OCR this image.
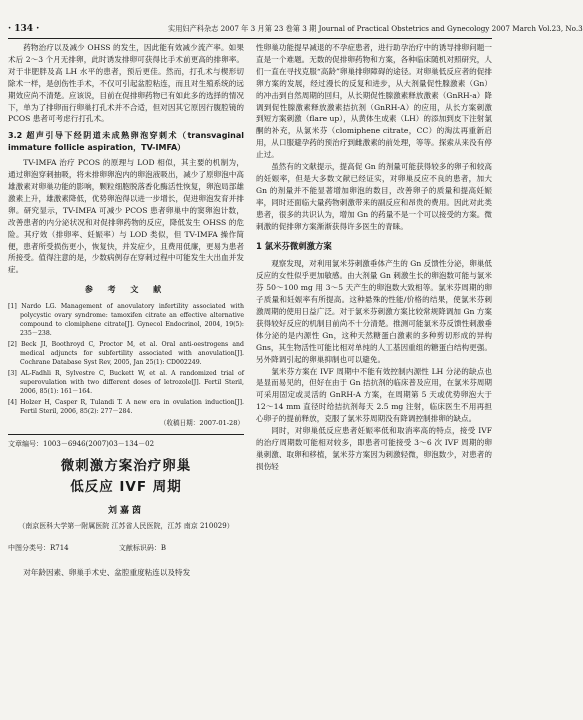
· 134 ·	实用妇产科杂志 2007 年 3 月第 23 卷第 3 期 Journal of Practical Obstetrics and Gynecology 2007 March Vol.23, No.3

药物治疗以及减少 OHSS 的发生，因此能有效减少流产率。如果术后 2～3 个月无排卵，此时诱发排卵可获得比手术前更高的排卵率。对于非肥胖及高 LH 水平的患者，预后更佳。然而，打孔术与楔形切除术一样，是创伤性手术，不仅可引起盆腔粘连，而且对生殖系统的远期效应尚不清楚。应该说，目前在促排卵药物已有如此多的选择的情况下，单为了排卵而行卵巢打孔术并不合适，但对因其它原因行腹腔镜的 PCOS 患者可考虑行打孔术。

3.2 超声引导下经阴道未成熟卵泡穿刺术（transvaginal immature follicle aspiration，TV-IMFA）

TV-IMFA 治疗 PCOS 的原理与 LOD 相似，其主要的机制为，通过卵泡穿刺抽吸，将未排卵卵泡内的卵泡液吸出，减少了原卵泡中高雄激素对卵巢功能的影响，颗粒细胞脱落香化酶活性恢复，卵泡局部雄激素上升，雄激素降低，优势卵泡得以进一步增长，促进卵泡发育并排卵。研究显示，TV-IMFA 可减少 PCOS 患者卵巢中的窦卵泡计数，改善患者的内分泌状况和对促排卵药物的反应，降低发生 OHSS 的危险。其疗效（排卵率、妊娠率）与 LOD 类似，但 TV-IMFA 操作简便，患者所受损伤更小，恢复快，并发症少，且费用低廉，更易为患者所接受。值得注意的是，少数病例存在穿刺过程中可能发生大出血并发症。

参 考 文 献
[1] Nardo LG. Management of anovulatory infertility associated with polycystic ovary syndrome: tamoxifen citrate an effective alternative compound to clomiphene citrate[J]. Gynecol Endocrinol, 2004, 19(5): 235－238.
[2] Beck JI, Boothroyd C, Proctor M, et al. Oral anti-oestrogens and medical adjuncts for subfertility associated with anovulation[J]. Cochrane Database Syst Rev, 2005, Jan 25(1): CD002249.
[3] AL-Fadhli R, Sylvestre C, Buckett W, et al. A randomized trial of superovulation with two different doses of letrozole[J]. Fertil Steril, 2006, 85(1): 161－164.
[4] Holzer H, Casper R, Tulandi T. A new era in ovulation induction[J]. Fertil Steril, 2006, 85(2): 277－284.
（收稿日期：2007-01-28）
文章编号：1003－6946(2007)03－134－02
微刺激方案治疗卵巢
低反应 IVF 周期
刘嘉茵
（南京医科大学第一附属医院 江苏省人民医院，江苏 南京 210029）
中图分类号：R714	文献标识码：B

对年龄因素、卵巢手术史、盆腔重度粘连以及特发

性卵巢功能提早减退的不孕症患者，进行助孕治疗中的诱导排卵问题一直是一个难题。无数的促排卵药物和方案，各种临床随机对照研究，人们一直在寻找克服“高龄”卵巢排卵障碍的途径。对卵巢低反应者的促排卵方案的发展，经过漫长的反复和进步，从大剂量促性腺激素（Gn）的冲击到自然周期的回归，从长期促性腺激素释放激素（GnRH-a）降调到促性腺激素释放激素拮抗剂（GnRH-A）的应用，从长方案刺激到短方案刺激（flare up），从黄体生成素（LH）的添加到皮下注射氯酮的补充，从氯米芬（clomiphene citrate，CC）的淘汰再重新启用，从口服避孕药的预治疗到雌激素的前处理，等等。探索从来没有停止过。

虽然有的文献提示，提高促 Gn 的剂量可能获得较多的卵子和较高的妊娠率，但是大多数文献已经证实，对卵巢反应不良的患者，加大 Gn 的剂量并不能显著增加卵泡的数目，改善卵子的质量和提高妊娠率，同时还面临大量药物刺激带来的副反应和昂贵的费用。因此对此类患者，很多的共识认为，增加 Gn 的药量不是一个可以接受的方案。微刺激的促排卵方案渐渐获得许多医生的青睐。

1 氯米芬微刺激方案

观察发现，对利用氯米芬刺激垂体产生的 Gn 反馈性分泌，卵巢低反应的女性似乎更加敏感。由大剂量 Gn 刺激生长的卵泡数可能与氯米芬 50～100 mg 用 3～5 天产生的卵泡数大致相等。氯米芬周期的卵子质量和妊娠率有所提高。这种悬殊的性能/价格的结果，使氯米芬刺激周期的使用日益广泛。对于氯米芬刺激方案比较常规降调加 Gn 方案获得较好反应的机制目前尚不十分清楚。推测可能氯米芬反馈性刺激垂体分泌的是内源性 Gn，这种天然糖蛋白激素的多种剪切形成的异构 Gns，其生物活性可能比相对单纯的人工基因重组的糖蛋白结构更强。另外降调引起的卵巢抑制也可以避免。

氯米芬方案在 IVF 周期中不能有效控制内源性 LH 分泌的缺点也是显而易见的，但好在由于 Gn 拮抗剂的临床普及应用，在氯米芬周期可采用固定或灵活的 GnRH-A 方案，在周期第 5 天或优势卵泡大于 12～14 mm 直径时给拮抗剂每天 2.5 mg 注射，临床医生不用再担心卵子的提前释放，克服了氯米芬周期没有降调控制排卵的缺点。

同时，对卵巢低反应患者妊娠率低和取消率高的特点，接受 IVF 的治疗周期数可能相对较多，即患者可能接受 3～6 次 IVF 周期的卵巢刺激、取卵和移植，氯米芬方案因为刺激轻微，卵泡数少，对患者的损伤轻
